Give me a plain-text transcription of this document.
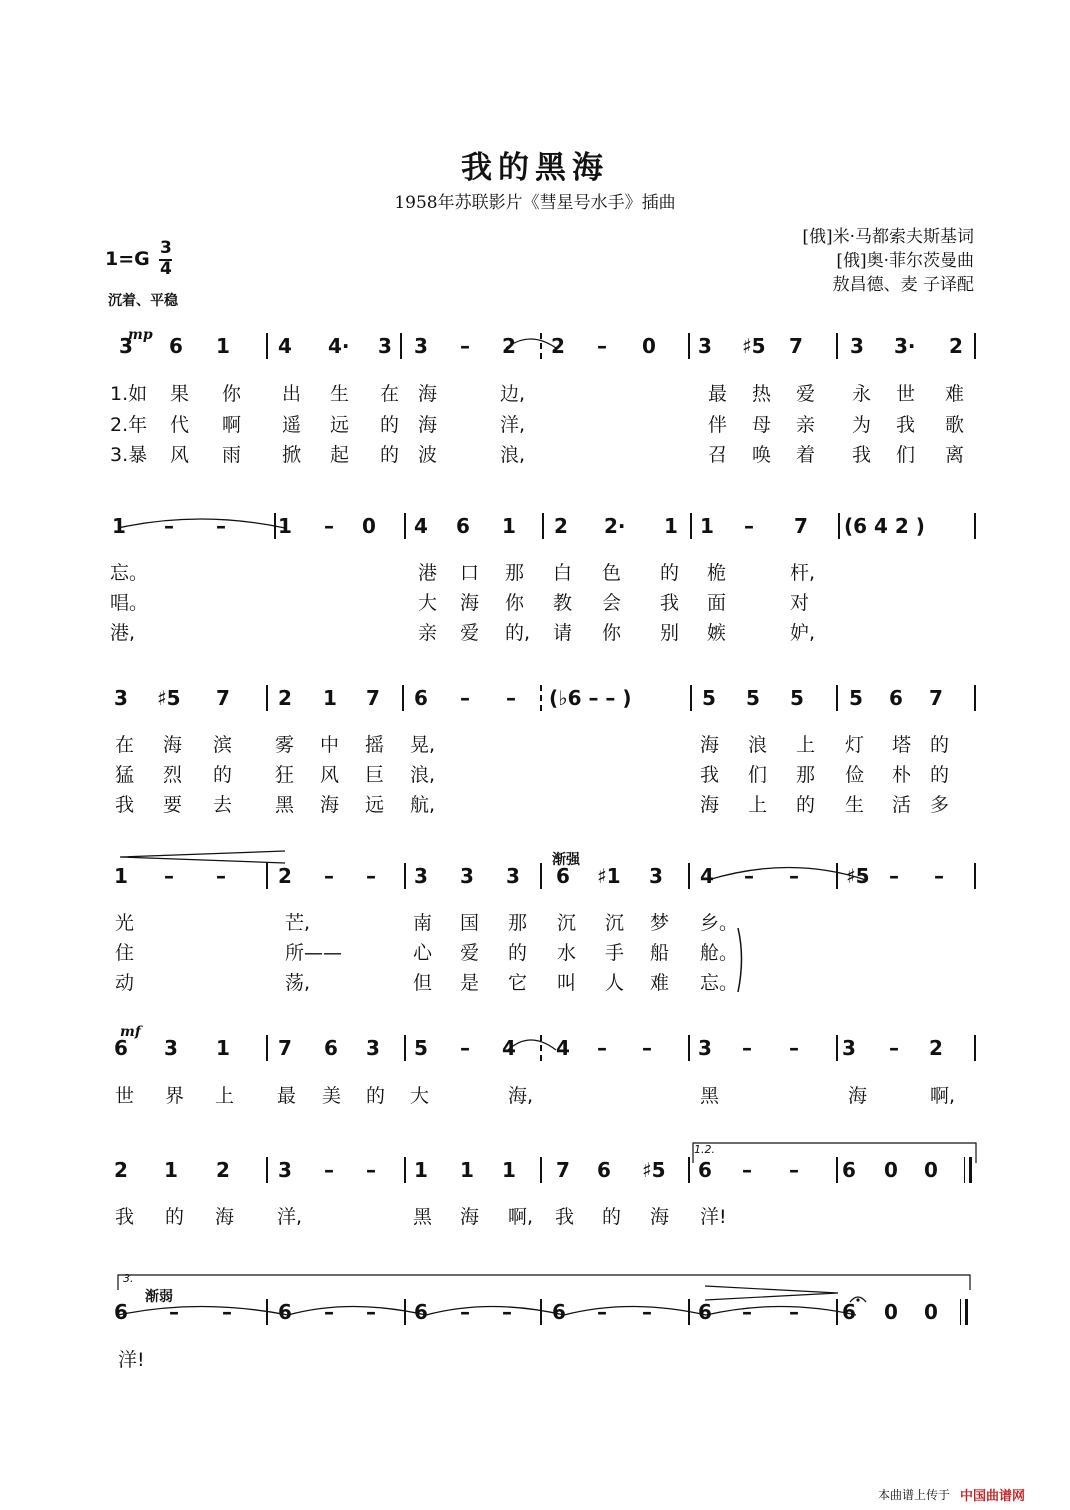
我的黑海
1958年苏联影片《彗星号水手》插曲
[俄]米·马都索夫斯基词
[俄]奥·菲尔茨曼曲
敖昌德、麦 子译配
1=G 3
4
沉着、平稳
mp
mf
渐强
渐弱
1.2.
3.
3 6 1 4 4· 3 3 – 2 2 – 0 3 ♯5 7 3 3· 2
1.如 果 你 出 生 在 海	边,	最 热 爱 永 世 难
2.年 代 啊 遥 远 的 海	洋,	伴 母 亲 为 我 歌
3.暴 风 雨 掀 起 的 波	浪,	召 唤 着 我 们 离
1 – –	1 – 0 4 6 1 2 2· 1 1 – 7 (6 4 2 )
忘。	港 口 那 白 色 的 桅	杆,
唱。	大 海 你 教 会 我 面	对
港,	亲 爱 的, 请 你 别 嫉	妒,
3 ♯5 7 2 1 7 6 – – (♭6 – – )	5 5 5 5 6 7
在 海 滨 雾 中 摇 晃,	海 浪 上 灯 塔 的
猛 烈 的 狂 风 巨 浪,	我 们 那 俭 朴 的
我 要 去 黑 海 远 航,	海 上 的 生 活 多
1 – –	2 – – 3 3 3 6 ♯1 3 4 – – ♯5 – –
光	芒,	南 国 那 沉 沉 梦 乡。
住	所——	心 爱 的 水 手 船 舱。
动	荡,	但 是 它 叫 人 难 忘。
6 3 1 7 6 3 5 – 4 4 – – 3 – – 3 – 2
世 界 上 最 美 的 大	海,	黑	海	啊,
2 1 2 3 – – 1 1 1 7 6 ♯5 6 – – 6 0 0
我 的 海 洋,	黑 海 啊, 我 的 海 洋!
6 – – 6 – – 6 – – 6 – – 6 – – 6 0 0
洋!
本曲谱上传于 中国曲谱网
